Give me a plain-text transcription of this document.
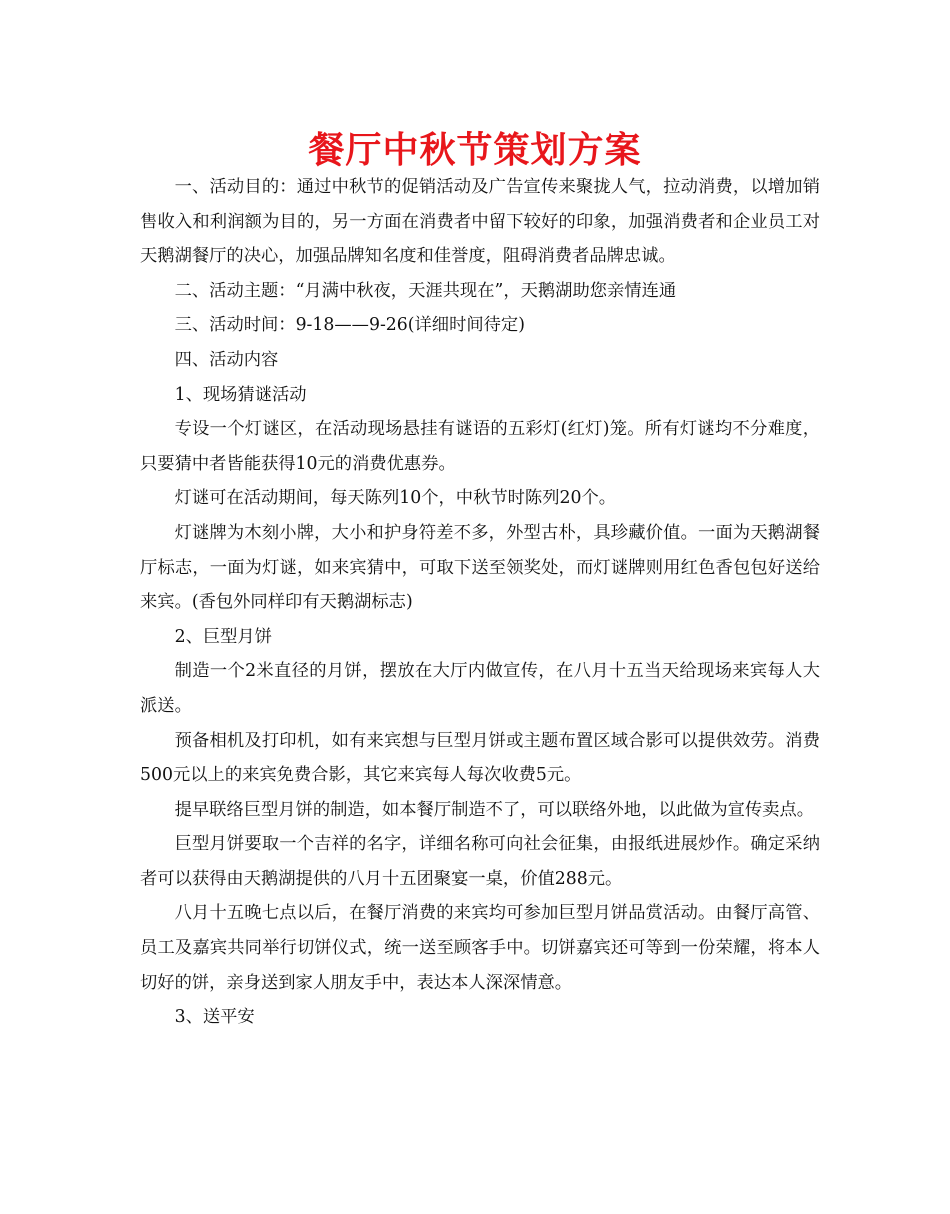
餐厅中秋节策划方案

一、活动目的：通过中秋节的促销活动及广告宣传来聚拢人气，拉动消费，以增加销售收入和利润额为目的，另一方面在消费者中留下较好的印象，加强消费者和企业员工对天鹅湖餐厅的决心，加强品牌知名度和佳誉度，阻碍消费者品牌忠诚。

二、活动主题：“月满中秋夜，天涯共现在”，天鹅湖助您亲情连通

三、活动时间：9-18——9-26(详细时间待定)

四、活动内容

1、现场猜谜活动

专设一个灯谜区，在活动现场悬挂有谜语的五彩灯(红灯)笼。所有灯谜均不分难度，只要猜中者皆能获得10元的消费优惠券。

灯谜可在活动期间，每天陈列10个，中秋节时陈列20个。

灯谜牌为木刻小牌，大小和护身符差不多，外型古朴，具珍藏价值。一面为天鹅湖餐厅标志，一面为灯谜，如来宾猜中，可取下送至领奖处，而灯谜牌则用红色香包包好送给来宾。(香包外同样印有天鹅湖标志)

2、巨型月饼

制造一个2米直径的月饼，摆放在大厅内做宣传，在八月十五当天给现场来宾每人大派送。

预备相机及打印机，如有来宾想与巨型月饼或主题布置区域合影可以提供效劳。消费500元以上的来宾免费合影，其它来宾每人每次收费5元。

提早联络巨型月饼的制造，如本餐厅制造不了，可以联络外地，以此做为宣传卖点。

巨型月饼要取一个吉祥的名字，详细名称可向社会征集，由报纸进展炒作。确定采纳者可以获得由天鹅湖提供的八月十五团聚宴一桌，价值288元。

八月十五晚七点以后，在餐厅消费的来宾均可参加巨型月饼品赏活动。由餐厅高管、员工及嘉宾共同举行切饼仪式，统一送至顾客手中。切饼嘉宾还可等到一份荣耀，将本人切好的饼，亲身送到家人朋友手中，表达本人深深情意。

3、送平安
